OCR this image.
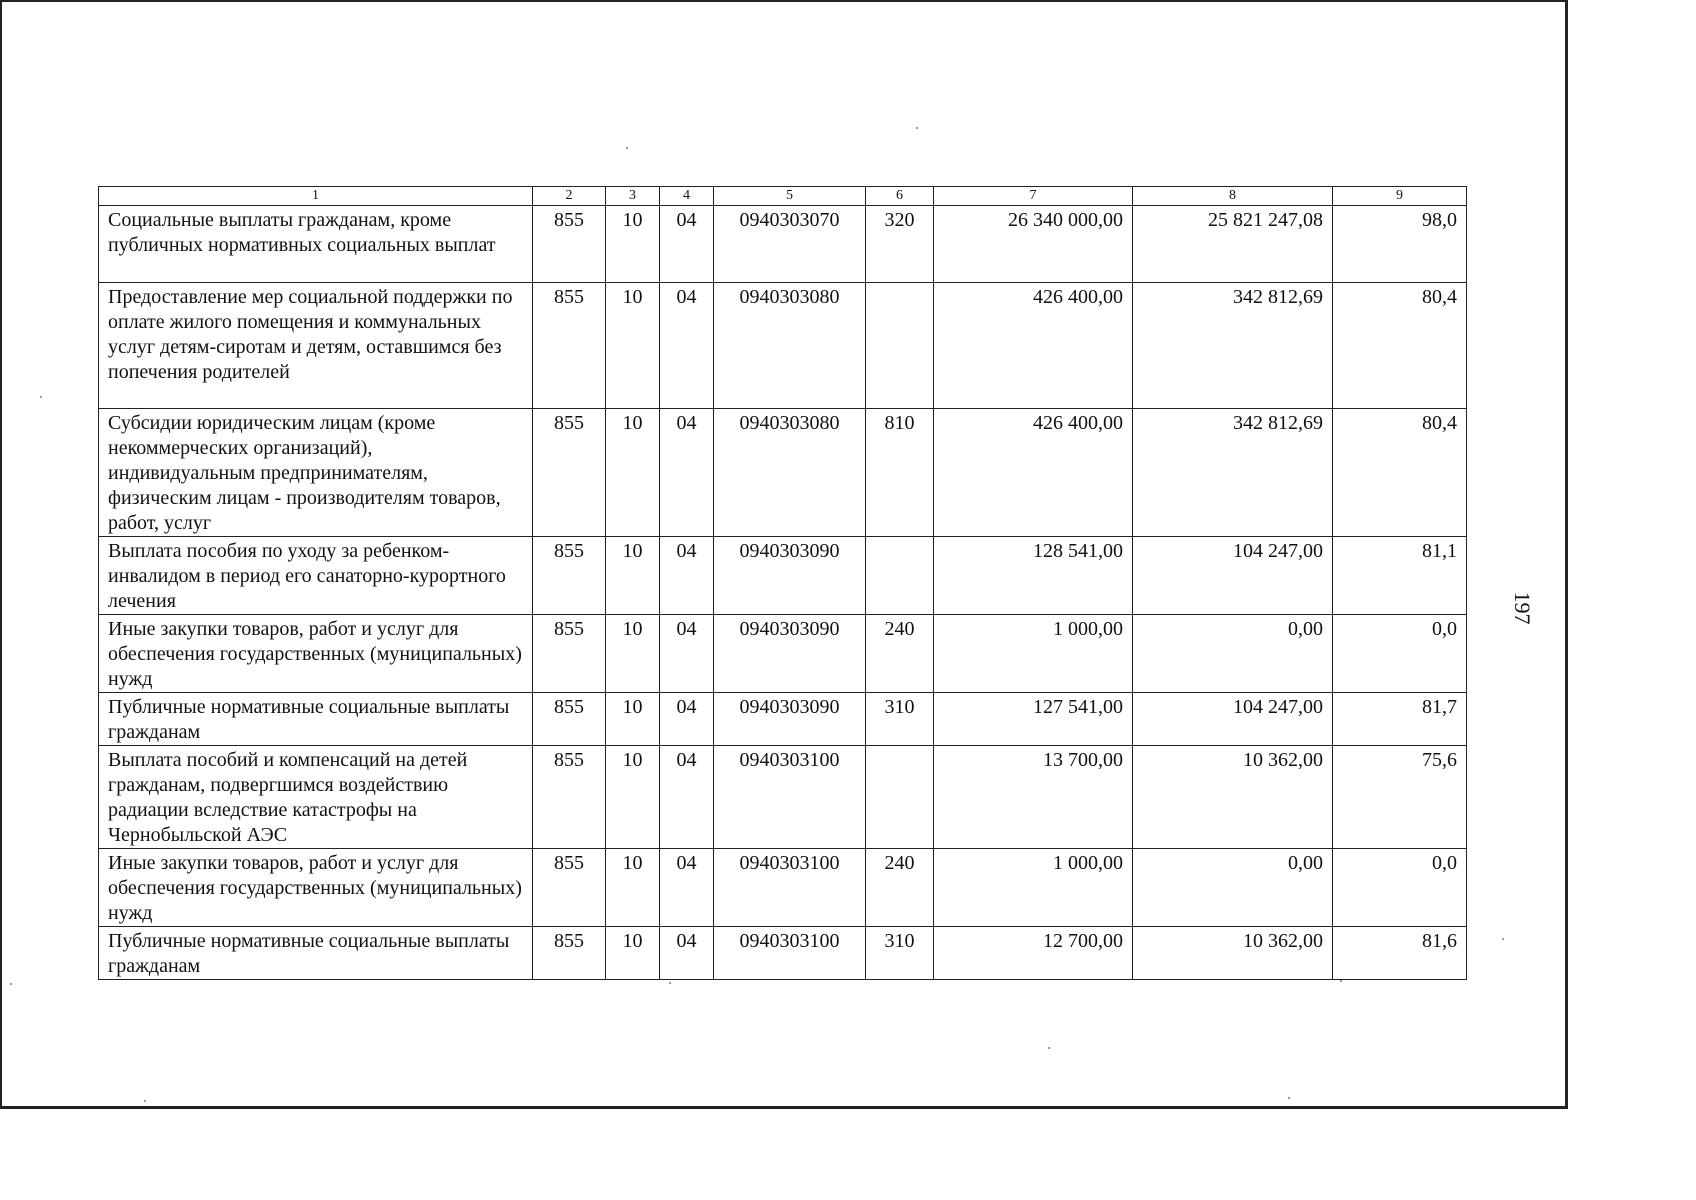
1	2	3	4	5	6	7	8	9
Социальные выплаты гражданам, кроме публичных нормативных социальных выплат	855	10	04	0940303070	320	26 340 000,00	25 821 247,08	98,0
Предоставление мер социальной поддержки по оплате жилого помещения и коммунальных услуг детям-сиротам и детям, оставшимся без попечения родителей	855	10	04	0940303080		426 400,00	342 812,69	80,4
Субсидии юридическим лицам (кроме некоммерческих организаций), индивидуальным предпринимателям, физическим лицам - производителям товаров, работ, услуг	855	10	04	0940303080	810	426 400,00	342 812,69	80,4
Выплата пособия по уходу за ребенком-инвалидом в период его санаторно-курортного лечения	855	10	04	0940303090		128 541,00	104 247,00	81,1
Иные закупки товаров, работ и услуг для обеспечения государственных (муниципальных) нужд	855	10	04	0940303090	240	1 000,00	0,00	0,0
Публичные нормативные социальные выплаты гражданам	855	10	04	0940303090	310	127 541,00	104 247,00	81,7
Выплата пособий и компенсаций на детей гражданам, подвергшимся воздействию радиации вследствие катастрофы на Чернобыльской АЭС	855	10	04	0940303100		13 700,00	10 362,00	75,6
Иные закупки товаров, работ и услуг для обеспечения государственных (муниципальных) нужд	855	10	04	0940303100	240	1 000,00	0,00	0,0
Публичные нормативные социальные выплаты гражданам	855	10	04	0940303100	310	12 700,00	10 362,00	81,6
197
